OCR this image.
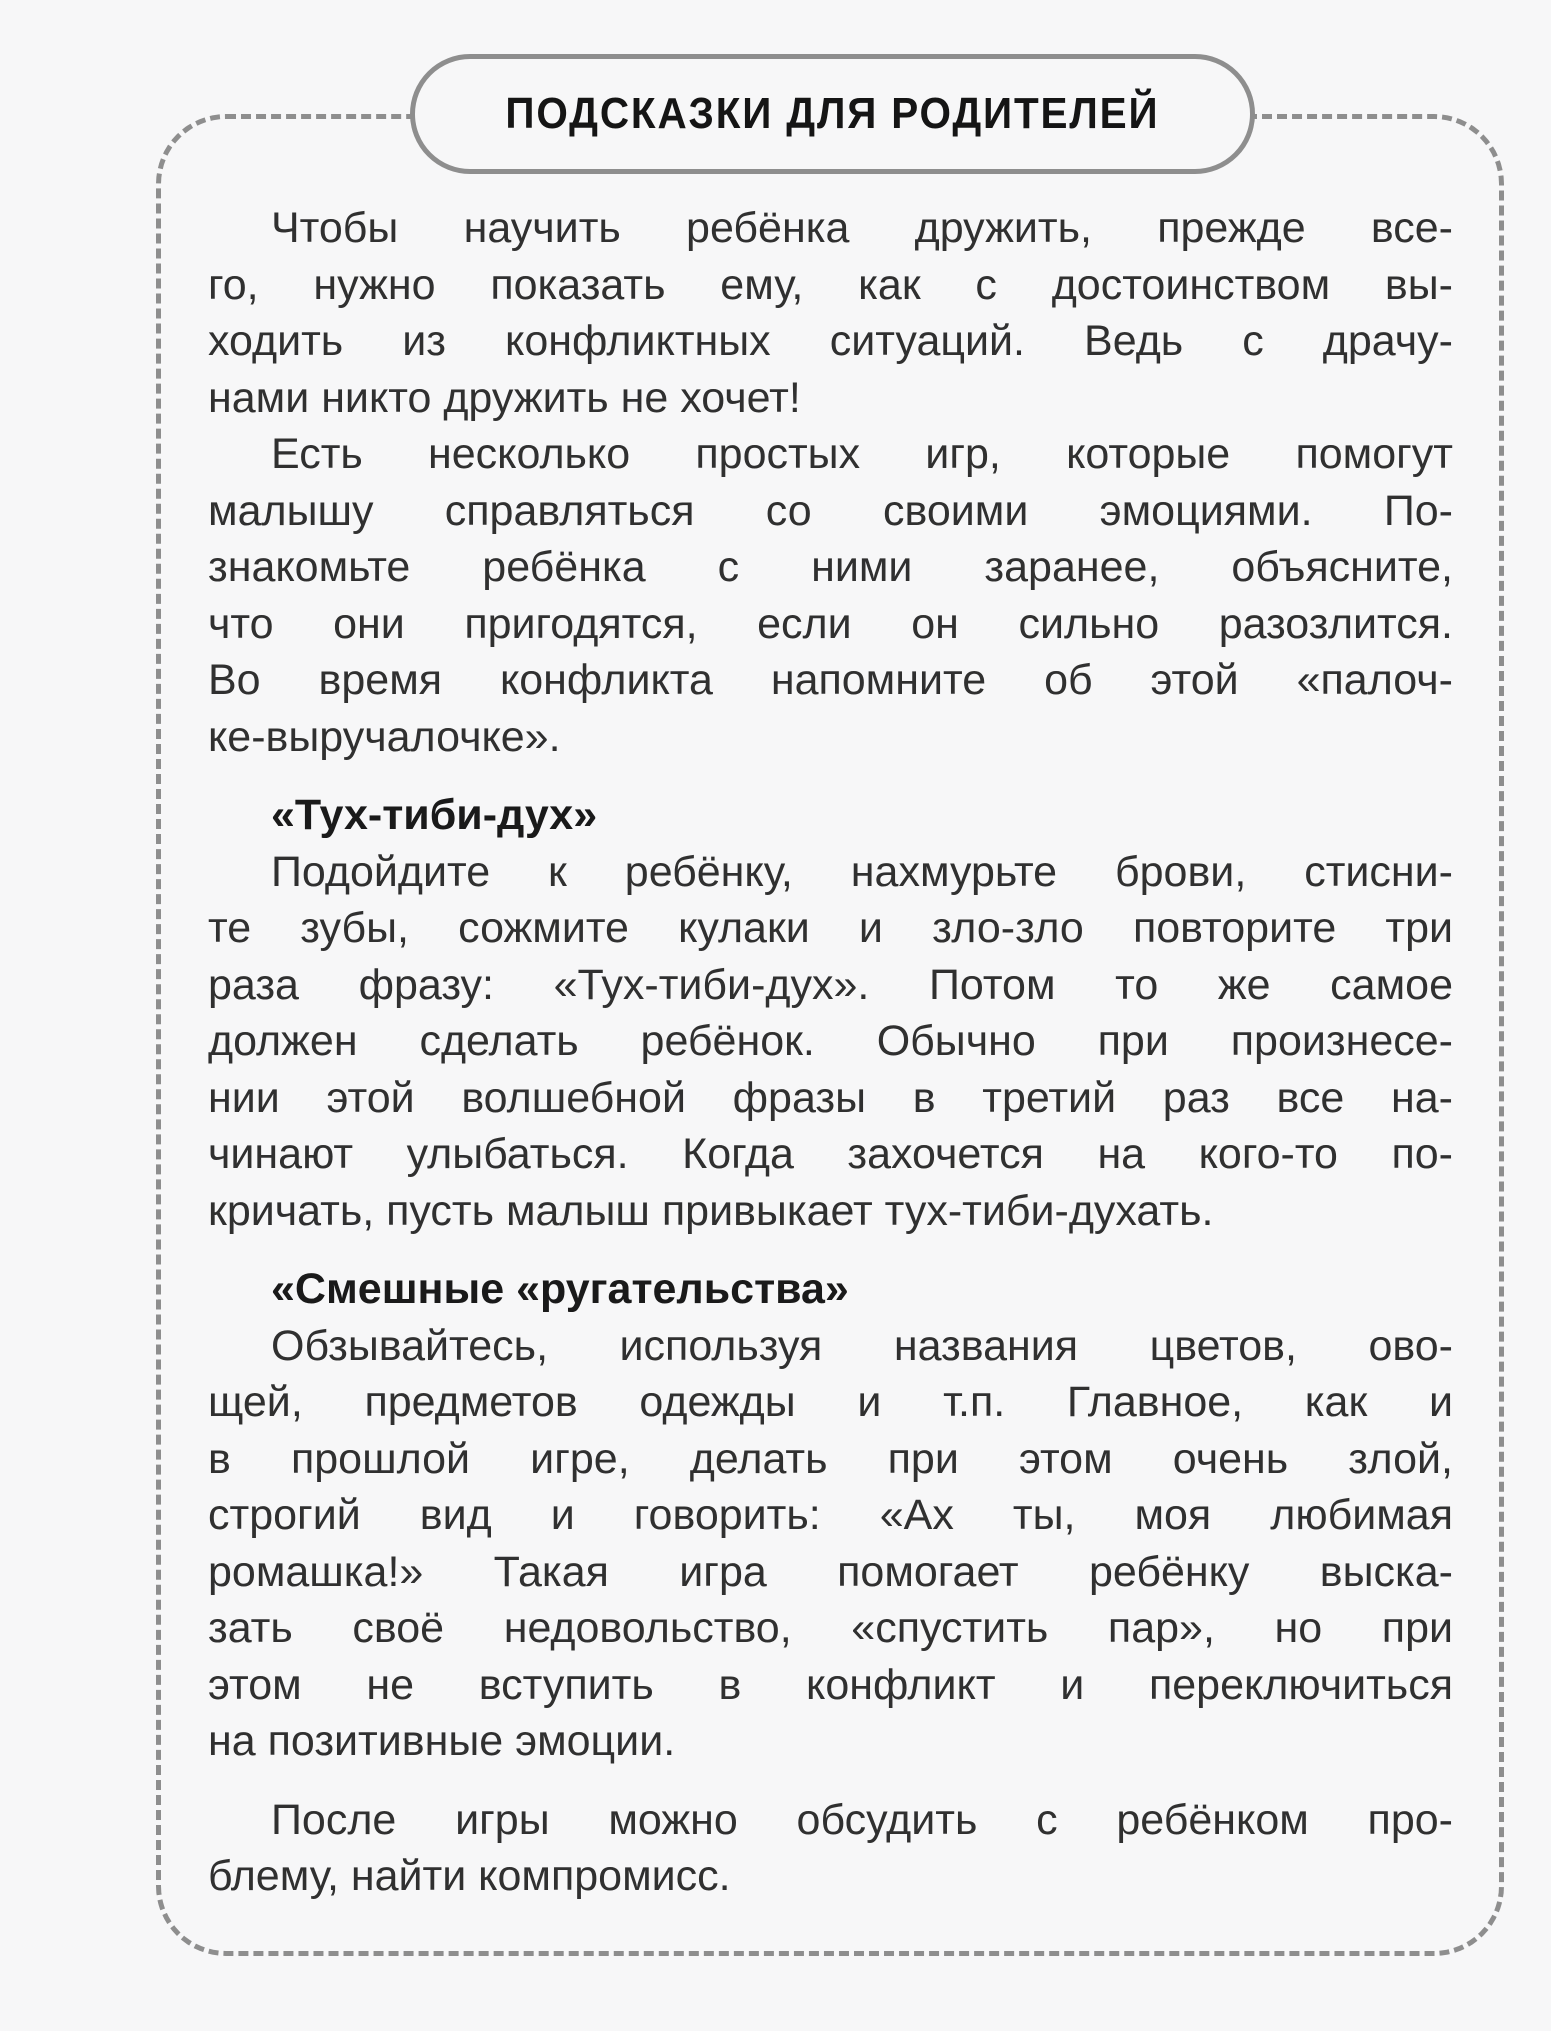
ПОДСКАЗКИ ДЛЯ РОДИТЕЛЕЙ
Чтобы научить ребёнка дружить, прежде все-
го, нужно показать ему, как с достоинством вы-
ходить из конфликтных ситуаций. Ведь с драчу-
нами никто дружить не хочет!
Есть несколько простых игр, которые помогут
малышу справляться со своими эмоциями. По-
знакомьте ребёнка с ними заранее, объясните,
что они пригодятся, если он сильно разозлится.
Во время конфликта напомните об этой «палоч-
ке-выручалочке».
«Тух-тиби-дух»
Подойдите к ребёнку, нахмурьте брови, стисни-
те зубы, сожмите кулаки и зло-зло повторите три
раза фразу: «Тух-тиби-дух». Потом то же самое
должен сделать ребёнок. Обычно при произнесе-
нии этой волшебной фразы в третий раз все на-
чинают улыбаться. Когда захочется на кого-то по-
кричать, пусть малыш привыкает тух-тиби-духать.
«Смешные «ругательства»
Обзывайтесь, используя названия цветов, ово-
щей, предметов одежды и т.п. Главное, как и
в прошлой игре, делать при этом очень злой,
строгий вид и говорить: «Ах ты, моя любимая
ромашка!» Такая игра помогает ребёнку выска-
зать своё недовольство, «спустить пар», но при
этом не вступить в конфликт и переключиться
на позитивные эмоции.
После игры можно обсудить с ребёнком про-
блему, найти компромисс.
